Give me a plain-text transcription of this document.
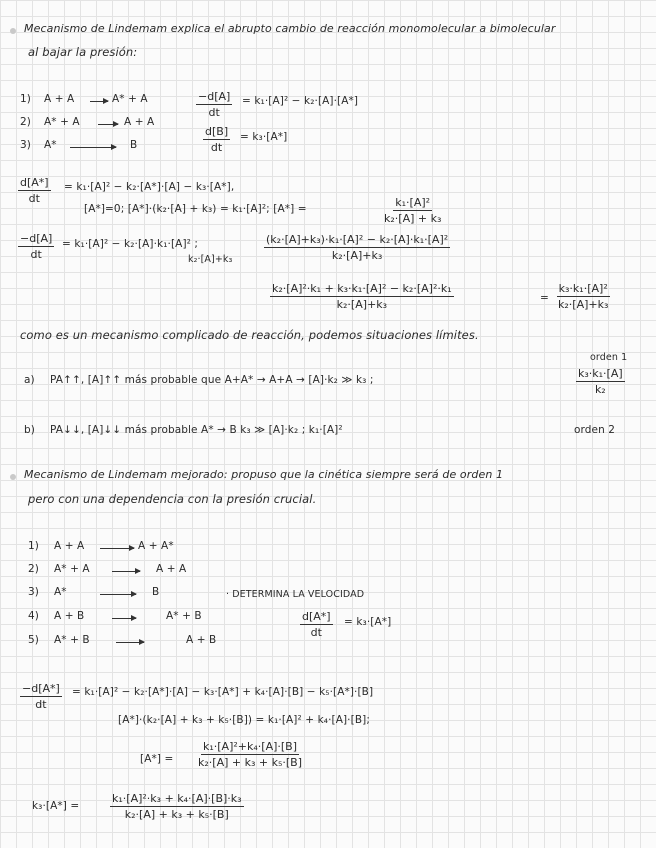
Mecanismo de Lindemam explica el abrupto cambio de reacción monomolecular a bimolecular
al bajar la presión:
1) A + A → A* + A
2) A* + A → A + A
3) A* → B
$\frac{-d[A]}{dt} = k_1\cdot[A]^2 - k_2\cdot[A]\cdot[A*]$
$\frac{d[B]}{dt} = k_3\cdot[A*]$
$\frac{d[A*]}{dt} = k_1\cdot[A]^2 - k_2\cdot[A*]\cdot[A] - k_3\cdot[A*]$,
[A*]=0; [A*]·(k₂·[A] + k₃) = k₁·[A]²; [A*] =	$\frac{\text{k₁·[A]²}}{\text{k₂·[A] + k₃}}$
$\frac{-d[A]}{dt} = k_1\cdot[A]^2 - k_2\cdot[A]\cdot k_1\cdot[A]^2$ ;
k₂·[A]+k₃	$\frac{\text{(k₂·[A]+k₃)·k₁·[A]² − k₂·[A]·k₁·[A]²}}{\text{k₂·[A]+k₃}}$
$\frac{\text{k₂·[A]²·k₁ + k₃·k₁·[A]² − k₂·[A]²·k₁}}{\text{k₂·[A]+k₃}}$	= $\frac{\text{k₃·k₁·[A]²}}{\text{k₂·[A]+k₃}}$
como es un mecanismo complicado de reacción, podemos situaciones límites.
orden 1
a) PA↑↑, [A]↑↑ más probable que A+A* → A+A → [A]·k₂ ≫ k₃ ;	$\frac{\text{k₃·k₁·[A]}}{\text{k₂}}$
b) PA↓↓, [A]↓↓ más probable A* → B k₃ ≫ [A]·k₂ ; k₁·[A]²	orden 2
Mecanismo de Lindemam mejorado: propuso que la cinética siempre será de orden 1
pero con una dependencia con la presión crucial.
1) A + A → A + A*
2) A* + A → A + A
3) A* → B
4) A + B	A* + B
5) A* + B	A + B
· DETERMINA LA VELOCIDAD
$\frac{d[A*]}{dt} = k_3\cdot[A*]$
$\frac{-d[A*]}{dt} = k_1\cdot[A]^2 - k_2\cdot[A*]\cdot[A] - k_3\cdot[A*] + k_4\cdot[A]\cdot[B] - k_5\cdot[A*]\cdot[B]$
[A*]·(k₂·[A] + k₃ + k₅·[B]) = k₁·[A]² + k₄·[A]·[B];
$[A*] = \frac{\text{k₁·[A]²+k₄·[A]·[B]}}{\text{k₂·[A] + k₃ + k₅·[B]}}$
k₃·[A*] =	$\frac{\text{k₁·[A]²·k₃ + k₄·[A]·[B]·k₃}}{\text{k₂·[A] + k₃ + k₅·[B]}}$
